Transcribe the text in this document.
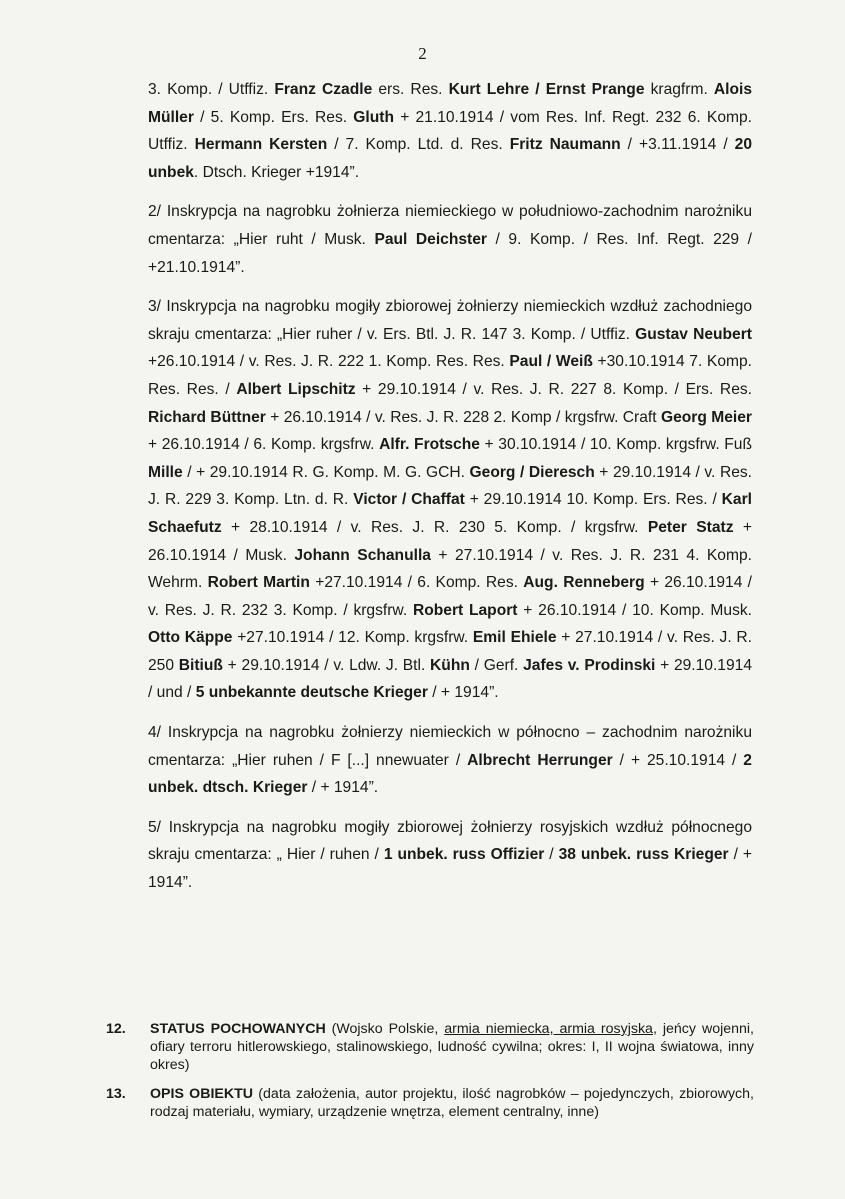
2

3. Komp. / Utffiz. Franz Czadle ers. Res. Kurt Lehre / Ernst Prange kragfrm. Alois Müller / 5. Komp. Ers. Res. Gluth + 21.10.1914 / vom Res. Inf. Regt. 232 6. Komp. Utffiz. Hermann Kersten / 7. Komp. Ltd. d. Res. Fritz Naumann / +3.11.1914 / 20 unbek. Dtsch. Krieger +1914”.

2/ Inskrypcja na nagrobku żołnierza niemieckiego w południowo-zachodnim narożniku cmentarza: „Hier ruht / Musk. Paul Deichster / 9. Komp. / Res. Inf. Regt. 229 / +21.10.1914”.

3/ Inskrypcja na nagrobku mogiły zbiorowej żołnierzy niemieckich wzdłuż zachodniego skraju cmentarza: „Hier ruher / v. Ers. Btl. J. R. 147 3. Komp. / Utffiz. Gustav Neubert +26.10.1914 / v. Res. J. R. 222 1. Komp. Res. Res. Paul / Weiß +30.10.1914 7. Komp. Res. Res. / Albert Lipschitz + 29.10.1914 / v. Res. J. R. 227 8. Komp. / Ers. Res. Richard Büttner + 26.10.1914 / v. Res. J. R. 228 2. Komp / krgsfrw. Craft Georg Meier + 26.10.1914 / 6. Komp. krgsfrw. Alfr. Frotsche + 30.10.1914 / 10. Komp. krgsfrw. Fuß Mille / + 29.10.1914 R. G. Komp. M. G. GCH. Georg / Dieresch + 29.10.1914 / v. Res. J. R. 229 3. Komp. Ltn. d. R. Victor / Chaffat + 29.10.1914 10. Komp. Ers. Res. / Karl Schaefutz + 28.10.1914 / v. Res. J. R. 230 5. Komp. / krgsfrw. Peter Statz + 26.10.1914 / Musk. Johann Schanulla + 27.10.1914 / v. Res. J. R. 231 4. Komp. Wehrm. Robert Martin +27.10.1914 / 6. Komp. Res. Aug. Renneberg + 26.10.1914 / v. Res. J. R. 232 3. Komp. / krgsfrw. Robert Laport + 26.10.1914 / 10. Komp. Musk. Otto Käppe +27.10.1914 / 12. Komp. krgsfrw. Emil Ehiele + 27.10.1914 / v. Res. J. R. 250 Bitiuß + 29.10.1914 / v. Ldw. J. Btl. Kühn / Gerf. Jafes v. Prodinski + 29.10.1914 / und / 5 unbekannte deutsche Krieger / + 1914”.

4/ Inskrypcja na nagrobku żołnierzy niemieckich w północno – zachodnim narożniku cmentarza: „Hier ruhen / F [...] nnewuater / Albrecht Herrunger / + 25.10.1914 / 2 unbek. dtsch. Krieger / + 1914”.

5/ Inskrypcja na nagrobku mogiły zbiorowej żołnierzy rosyjskich wzdłuż północnego skraju cmentarza: „ Hier / ruhen / 1 unbek. russ Offizier / 38 unbek. russ Krieger / + 1914”.

12. STATUS POCHOWANYCH (Wojsko Polskie, armia niemiecka, armia rosyjska, jeńcy wojenni, ofiary terroru hitlerowskiego, stalinowskiego, ludność cywilna; okres: I, II wojna światowa, inny okres)
13. OPIS OBIEKTU (data założenia, autor projektu, ilość nagrobków – pojedynczych, zbiorowych, rodzaj materiału, wymiary, urządzenie wnętrza, element centralny, inne)
